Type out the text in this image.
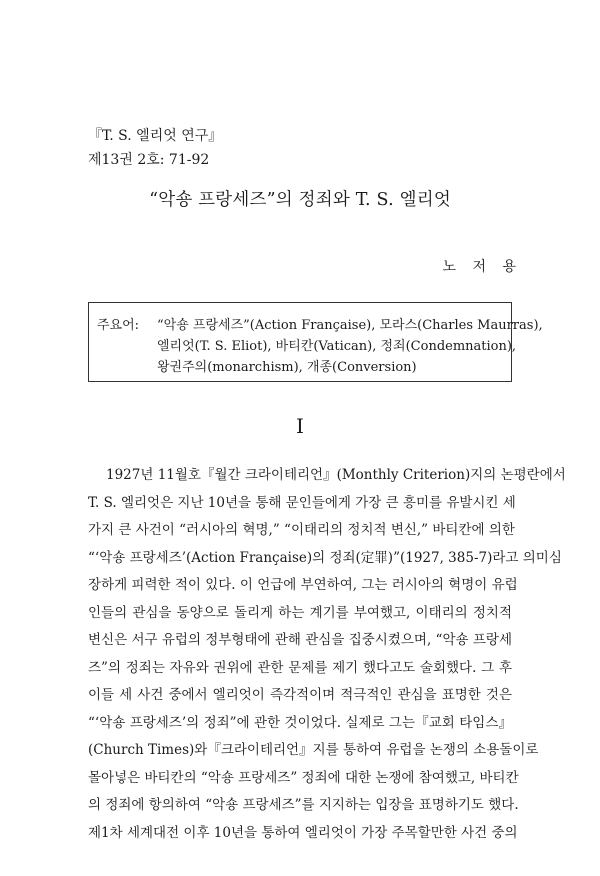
『T. S. 엘리엇 연구』
제13권 2호: 71-92
“악숑 프랑세즈”의 정죄와 T. S. 엘리엇
노 저 용
주요어:	“악숑 프랑세즈”(Action Française), 모라스(Charles Maurras),
엘리엇(T. S. Eliot), 바티칸(Vatican), 정죄(Condemnation),
왕권주의(monarchism), 개종(Conversion)
I
1927년 11월호『월간 크라이테리언』(Monthly Criterion)지의 논평란에서
T. S. 엘리엇은 지난 10년을 통해 문인들에게 가장 큰 흥미를 유발시킨 세
가지 큰 사건이 “러시아의 혁명,” “이태리의 정치적 변신,” 바티칸에 의한
“‘악숑 프랑세즈’(Action Française)의 정죄(定罪)”(1927, 385-7)라고 의미심
장하게 피력한 적이 있다. 이 언급에 부연하여, 그는 러시아의 혁명이 유럽
인들의 관심을 동양으로 돌리게 하는 계기를 부여했고, 이태리의 정치적
변신은 서구 유럽의 정부형태에 관해 관심을 집중시켰으며, “악숑 프랑세
즈”의 정죄는 자유와 권위에 관한 문제를 제기 했다고도 술회했다. 그 후
이들 세 사건 중에서 엘리엇이 즉각적이며 적극적인 관심을 표명한 것은
“‘악숑 프랑세즈’의 정죄”에 관한 것이었다. 실제로 그는『교회 타임스』
(Church Times)와『크라이테리언』지를 통하여 유럽을 논쟁의 소용돌이로
몰아넣은 바티칸의 “악숑 프랑세즈” 정죄에 대한 논쟁에 참여했고, 바티칸
의 정죄에 항의하여 “악숑 프랑세즈”를 지지하는 입장을 표명하기도 했다.
제1차 세계대전 이후 10년을 통하여 엘리엇이 가장 주목할만한 사건 중의
